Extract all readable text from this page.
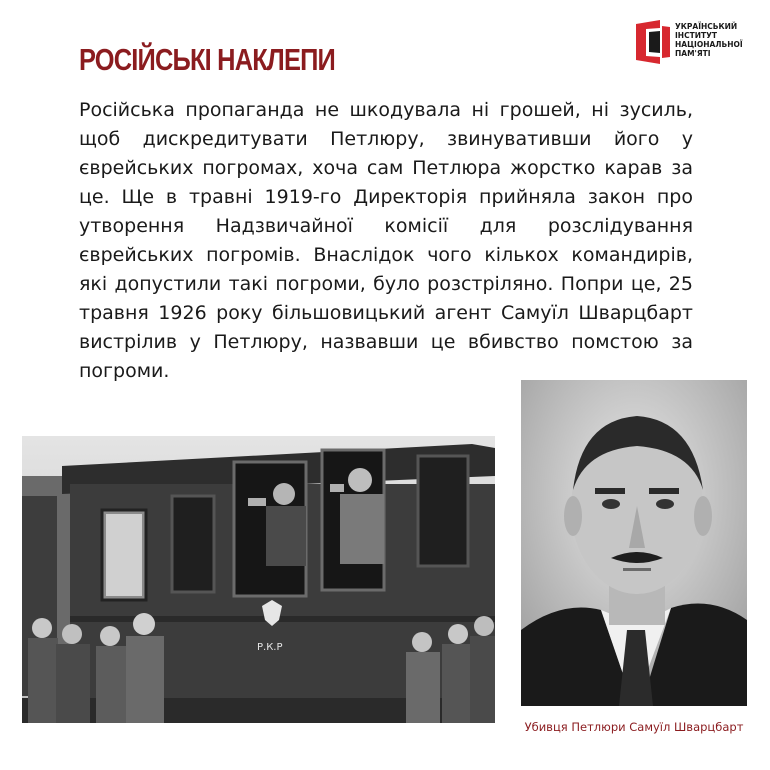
РОСІЙСЬКІ НАКЛЕПИ
УКРАЇНСЬКИЙ
ІНСТИТУТ
НАЦІОНАЛЬНОЇ
ПАМ'ЯТІ
Російська пропаганда не шкодувала ні грошей, ні зусиль, щоб дискредитувати Петлюру, звинувативши його у єврейських погромах, хоча сам Петлюра жорстко карав за це. Ще в травні 1919-го Директорія прийняла закон про утворення Надзвичайної комісії для розслідування єврейських погромів. Внаслідок чого кількох командирів, які допустили такі погроми, було розстріляно. Попри це, 25 травня 1926 року більшовицький агент Самуїл Шварцбарт вистрілив у Петлюру, назвавши це вбивство помстою за погроми.
Р.К.Р
Убивця Петлюри Самуїл Шварцбарт
